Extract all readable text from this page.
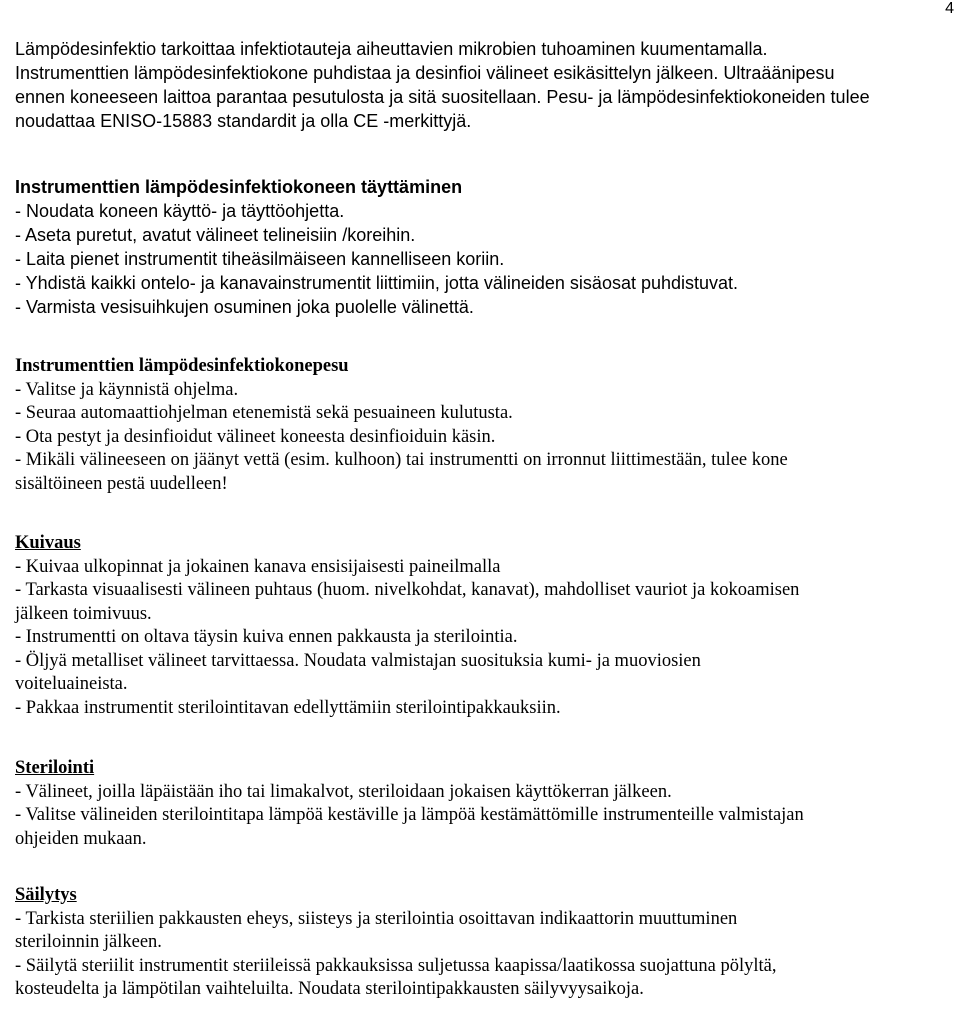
4

Lämpödesinfektio tarkoittaa infektiotauteja aiheuttavien mikrobien tuhoaminen kuumentamalla.

Instrumenttien lämpödesinfektiokone puhdistaa ja desinfioi välineet esikäsittelyn jälkeen. Ultraäänipesu

ennen koneeseen laittoa parantaa pesutulosta ja sitä suositellaan. Pesu- ja lämpödesinfektiokoneiden tulee

noudattaa ENISO-15883 standardit ja olla CE -merkittyjä.

Instrumenttien lämpödesinfektiokoneen täyttäminen

- Noudata koneen käyttö- ja täyttöohjetta.

- Aseta puretut, avatut välineet telineisiin /koreihin.

- Laita pienet instrumentit tiheäsilmäiseen kannelliseen koriin.

- Yhdistä kaikki ontelo- ja kanavainstrumentit liittimiin, jotta välineiden sisäosat puhdistuvat.

- Varmista vesisuihkujen osuminen joka puolelle välinettä.

Instrumenttien lämpödesinfektiokonepesu

- Valitse ja käynnistä ohjelma.

- Seuraa automaattiohjelman etenemistä sekä pesuaineen kulutusta.

- Ota pestyt ja desinfioidut välineet koneesta desinfioiduin käsin.

- Mikäli välineeseen on jäänyt vettä (esim. kulhoon) tai instrumentti on irronnut liittimestään, tulee kone

sisältöineen pestä uudelleen!

Kuivaus

- Kuivaa ulkopinnat ja jokainen kanava ensisijaisesti paineilmalla

- Tarkasta visuaalisesti välineen puhtaus (huom. nivelkohdat, kanavat), mahdolliset vauriot ja kokoamisen

jälkeen toimivuus.

- Instrumentti on oltava täysin kuiva ennen pakkausta ja sterilointia.

- Öljyä metalliset välineet tarvittaessa. Noudata valmistajan suosituksia kumi- ja muoviosien

voiteluaineista.

- Pakkaa instrumentit sterilointitavan edellyttämiin sterilointipakkauksiin.

Sterilointi

- Välineet, joilla läpäistään iho tai limakalvot, steriloidaan jokaisen käyttökerran jälkeen.

- Valitse välineiden sterilointitapa lämpöä kestäville ja lämpöä kestämättömille instrumenteille valmistajan

ohjeiden mukaan.

Säilytys

- Tarkista steriilien pakkausten eheys, siisteys ja sterilointia osoittavan indikaattorin muuttuminen

steriloinnin jälkeen.

- Säilytä steriilit instrumentit steriileissä pakkauksissa suljetussa kaapissa/laatikossa suojattuna pölyltä,

kosteudelta ja lämpötilan vaihteluilta. Noudata sterilointipakkausten säilyvyysaikoja.
